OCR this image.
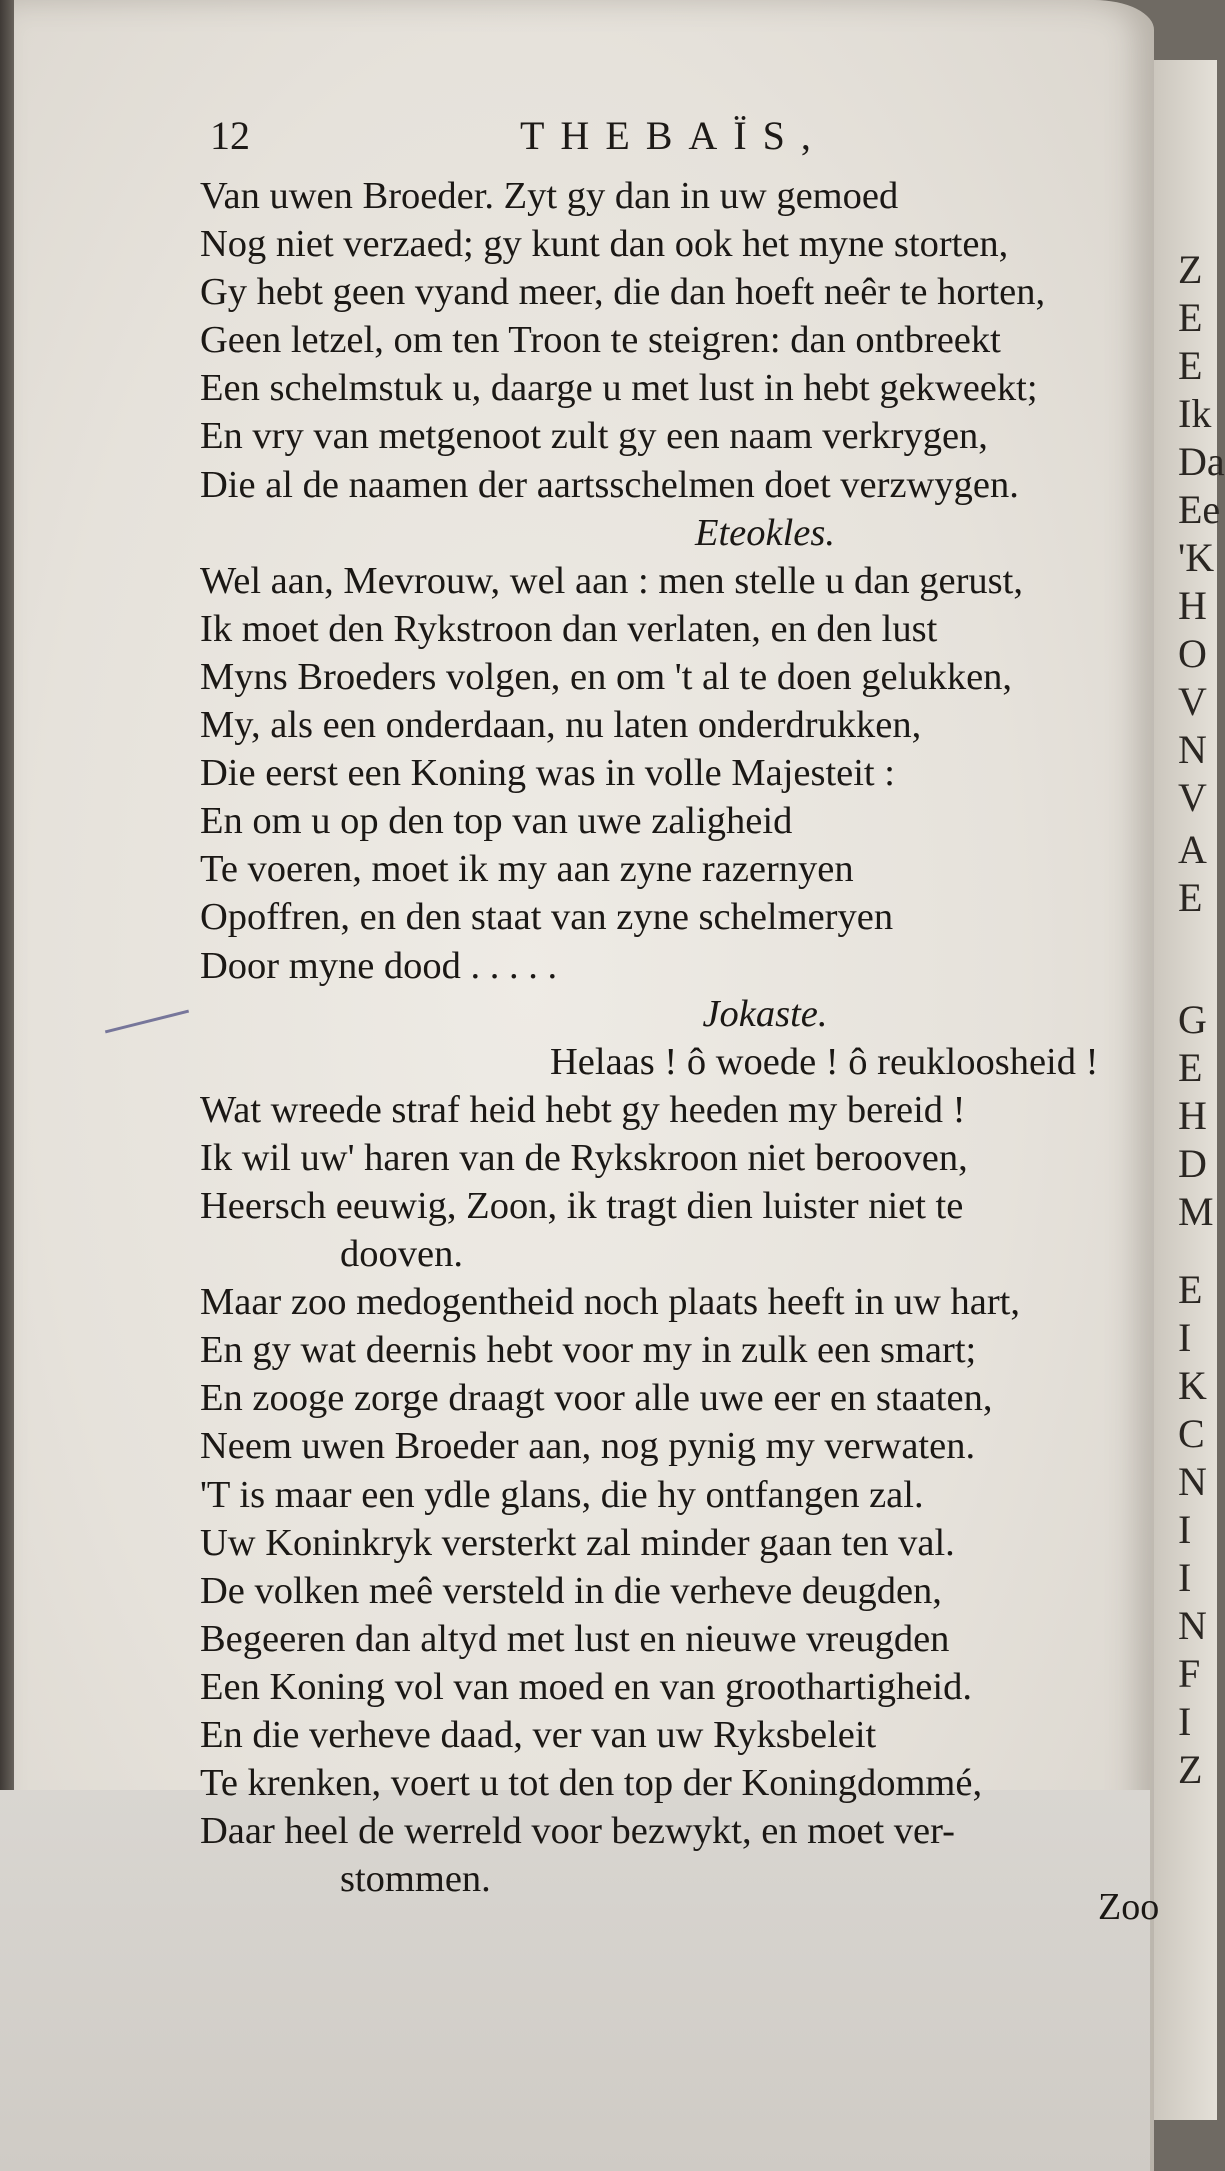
Z
E
E
Ik
Da
Ee
'K
H
O
V
N
V
A
E
G
E
H
D
M
E
I
K
C
N
I
I
N
F
I
Z
12	THEBAÏS,
Van uwen Broeder. Zyt gy dan in uw gemoed
Nog niet verzaed; gy kunt dan ook het myne storten,
Gy hebt geen vyand meer, die dan hoeft neêr te horten,
Geen letzel, om ten Troon te steigren: dan ontbreekt
Een schelmstuk u, daarge u met lust in hebt gekweekt;
En vry van metgenoot zult gy een naam verkrygen,
Die al de naamen der aartsschelmen doet verzwygen.
Eteokles.
Wel aan, Mevrouw, wel aan : men stelle u dan gerust,
Ik moet den Rykstroon dan verlaten, en den lust
Myns Broeders volgen, en om 't al te doen gelukken,
My, als een onderdaan, nu laten onderdrukken,
Die eerst een Koning was in volle Majesteit :
En om u op den top van uwe zaligheid
Te voeren, moet ik my aan zyne razernyen
Opoffren, en den staat van zyne schelmeryen
Door myne dood . . . . .
Jokaste.
Helaas ! ô woede ! ô reukloosheid !
Wat wreede straf heid hebt gy heeden my bereid !
Ik wil uw' haren van de Rykskroon niet berooven,
Heersch eeuwig, Zoon, ik tragt dien luister niet te
dooven.
Maar zoo medogentheid noch plaats heeft in uw hart,
En gy wat deernis hebt voor my in zulk een smart;
En zooge zorge draagt voor alle uwe eer en staaten,
Neem uwen Broeder aan, nog pynig my verwaten.
'T is maar een ydle glans, die hy ontfangen zal.
Uw Koninkryk versterkt zal minder gaan ten val.
De volken meê versteld in die verheve deugden,
Begeeren dan altyd met lust en nieuwe vreugden
Een Koning vol van moed en van groothartigheid.
En die verheve daad, ver van uw Ryksbeleit
Te krenken, voert u tot den top der Koningdommé,
Daar heel de werreld voor bezwykt, en moet ver-
stommen.
Zoo
